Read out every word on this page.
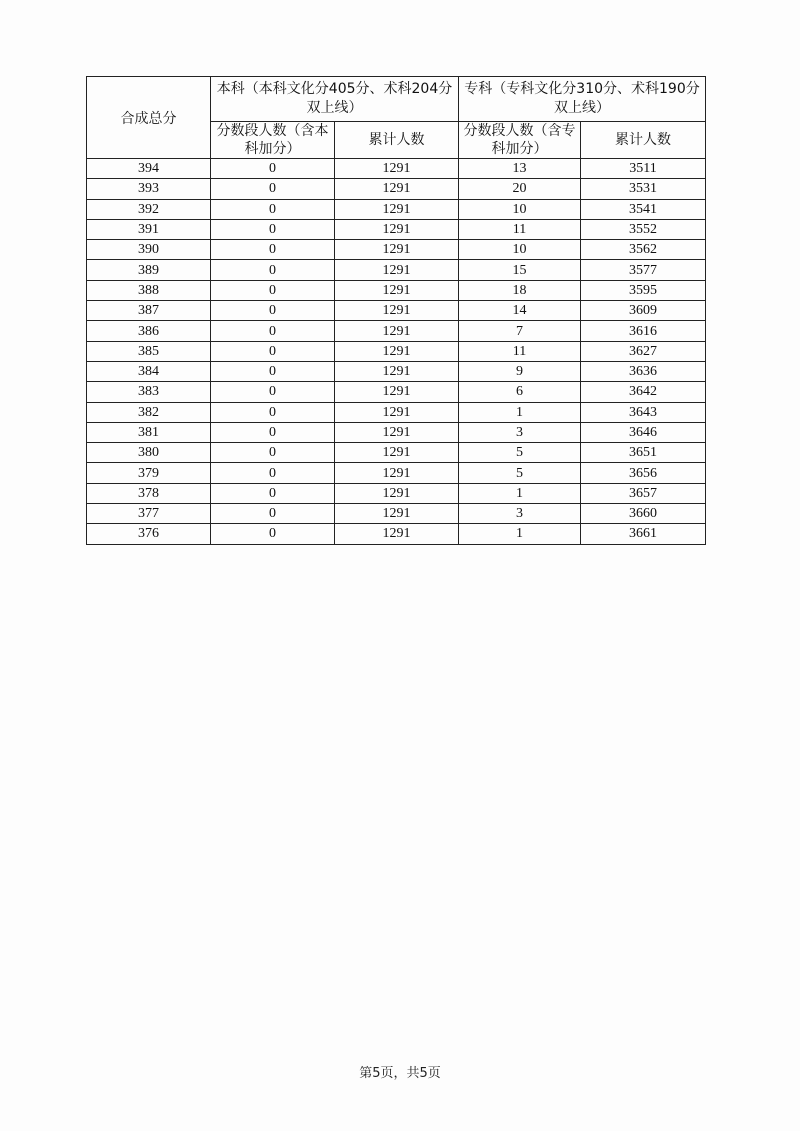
合成总分	本科（本科文化分405分、术科204分双上线）		专科（专科文化分310分、术科190分双上线）	
	分数段人数（含本科加分）	累计人数	分数段人数（含专科加分）	累计人数
394	0	1291	13	3511
393	0	1291	20	3531
392	0	1291	10	3541
391	0	1291	11	3552
390	0	1291	10	3562
389	0	1291	15	3577
388	0	1291	18	3595
387	0	1291	14	3609
386	0	1291	7	3616
385	0	1291	11	3627
384	0	1291	9	3636
383	0	1291	6	3642
382	0	1291	1	3643
381	0	1291	3	3646
380	0	1291	5	3651
379	0	1291	5	3656
378	0	1291	1	3657
377	0	1291	3	3660
376	0	1291	1	3661
第5页，共5页
